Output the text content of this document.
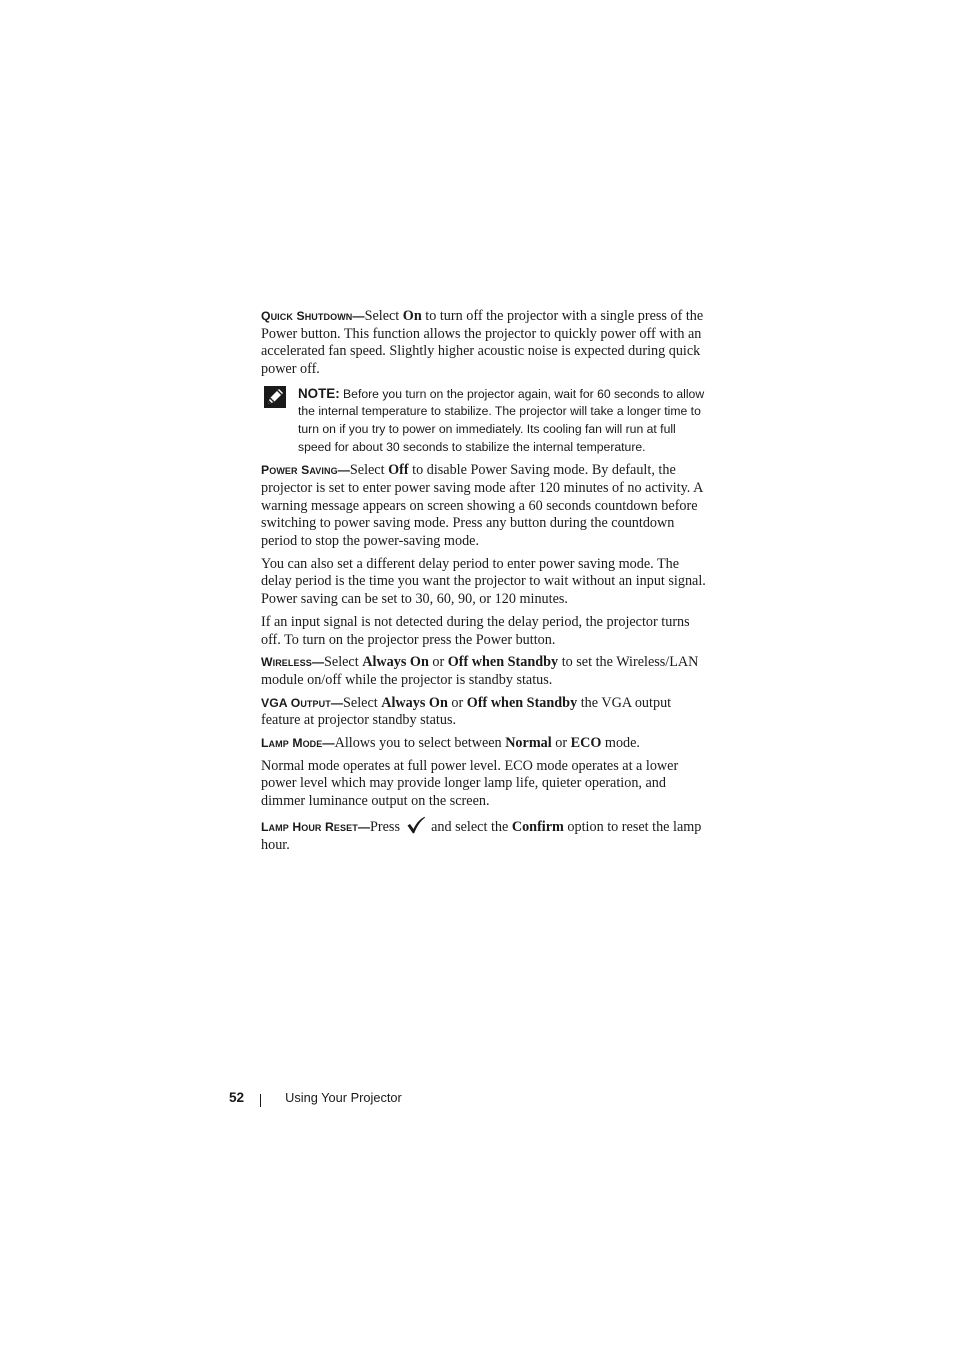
Quick Shutdown—Select On to turn off the projector with a single press of the Power button. This function allows the projector to quickly power off with an accelerated fan speed. Slightly higher acoustic noise is expected during quick power off.

NOTE: Before you turn on the projector again, wait for 60 seconds to allow the internal temperature to stabilize. The projector will take a longer time to turn on if you try to power on immediately. Its cooling fan will run at full speed for about 30 seconds to stabilize the internal temperature.

Power Saving—Select Off to disable Power Saving mode. By default, the projector is set to enter power saving mode after 120 minutes of no activity. A warning message appears on screen showing a 60 seconds countdown before switching to power saving mode. Press any button during the countdown period to stop the power-saving mode.

You can also set a different delay period to enter power saving mode. The delay period is the time you want the projector to wait without an input signal. Power saving can be set to 30, 60, 90, or 120 minutes.

If an input signal is not detected during the delay period, the projector turns off. To turn on the projector press the Power button.

Wireless—Select Always On or Off when Standby to set the Wireless/LAN module on/off while the projector is standby status.

VGA Output—Select Always On or Off when Standby the VGA output feature at projector standby status.

Lamp Mode—Allows you to select between Normal or ECO mode.

Normal mode operates at full power level. ECO mode operates at a lower power level which may provide longer lamp life, quieter operation, and dimmer luminance output on the screen.

Lamp Hour Reset—Press  and select the Confirm option to reset the lamp hour.

52	Using Your Projector
